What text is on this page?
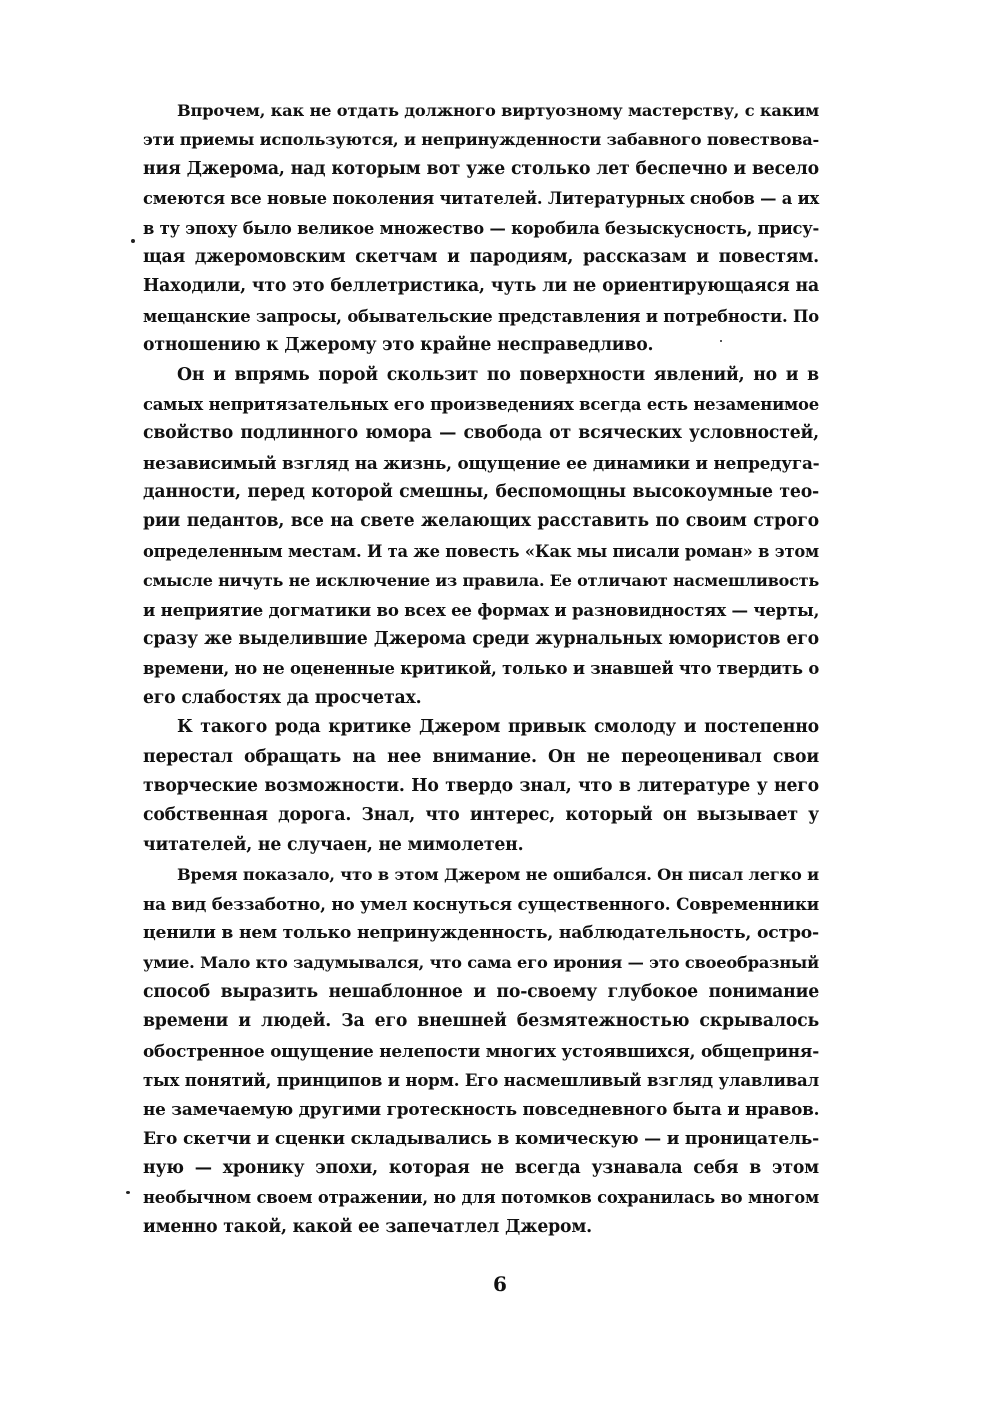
Впрочем, как не отдать должного виртуозному мастерству, с каким
эти приемы используются, и непринужденности забавного повествова-
ния Джерома, над которым вот уже столько лет беспечно и весело
смеются все новые поколения читателей. Литературных снобов — а их
в ту эпоху было великое множество — коробила безыскусность, прису-
щая джеромовским скетчам и пародиям, рассказам и повестям.
Находили, что это беллетристика, чуть ли не ориентирующаяся на
мещанские запросы, обывательские представления и потребности. По
отношению к Джерому это крайне несправедливо.

Он и впрямь порой скользит по поверхности явлений, но и в
самых непритязательных его произведениях всегда есть незаменимое
свойство подлинного юмора — свобода от всяческих условностей,
независимый взгляд на жизнь, ощущение ее динамики и непредуга-
данности, перед которой смешны, беспомощны высокоумные тео-
рии педантов, все на свете желающих расставить по своим строго
определенным местам. И та же повесть «Как мы писали роман» в этом
смысле ничуть не исключение из правила. Ее отличают насмешливость
и неприятие догматики во всех ее формах и разновидностях — черты,
сразу же выделившие Джерома среди журнальных юмористов его
времени, но не оцененные критикой, только и знавшей что твердить о
его слабостях да просчетах.

К такого рода критике Джером привык смолоду и постепенно
перестал обращать на нее внимание. Он не переоценивал свои
творческие возможности. Но твердо знал, что в литературе у него
собственная дорога. Знал, что интерес, который он вызывает у
читателей, не случаен, не мимолетен.

Время показало, что в этом Джером не ошибался. Он писал легко и
на вид беззаботно, но умел коснуться существенного. Современники
ценили в нем только непринужденность, наблюдательность, остро-
умие. Мало кто задумывался, что сама его ирония — это своеобразный
способ выразить нешаблонное и по-своему глубокое понимание
времени и людей. За его внешней безмятежностью скрывалось
обостренное ощущение нелепости многих устоявшихся, общеприня-
тых понятий, принципов и норм. Его насмешливый взгляд улавливал
не замечаемую другими гротескность повседневного быта и нравов.
Его скетчи и сценки складывались в комическую — и проницатель-
ную — хронику эпохи, которая не всегда узнавала себя в этом
необычном своем отражении, но для потомков сохранилась во многом
именно такой, какой ее запечатлел Джером.

6
